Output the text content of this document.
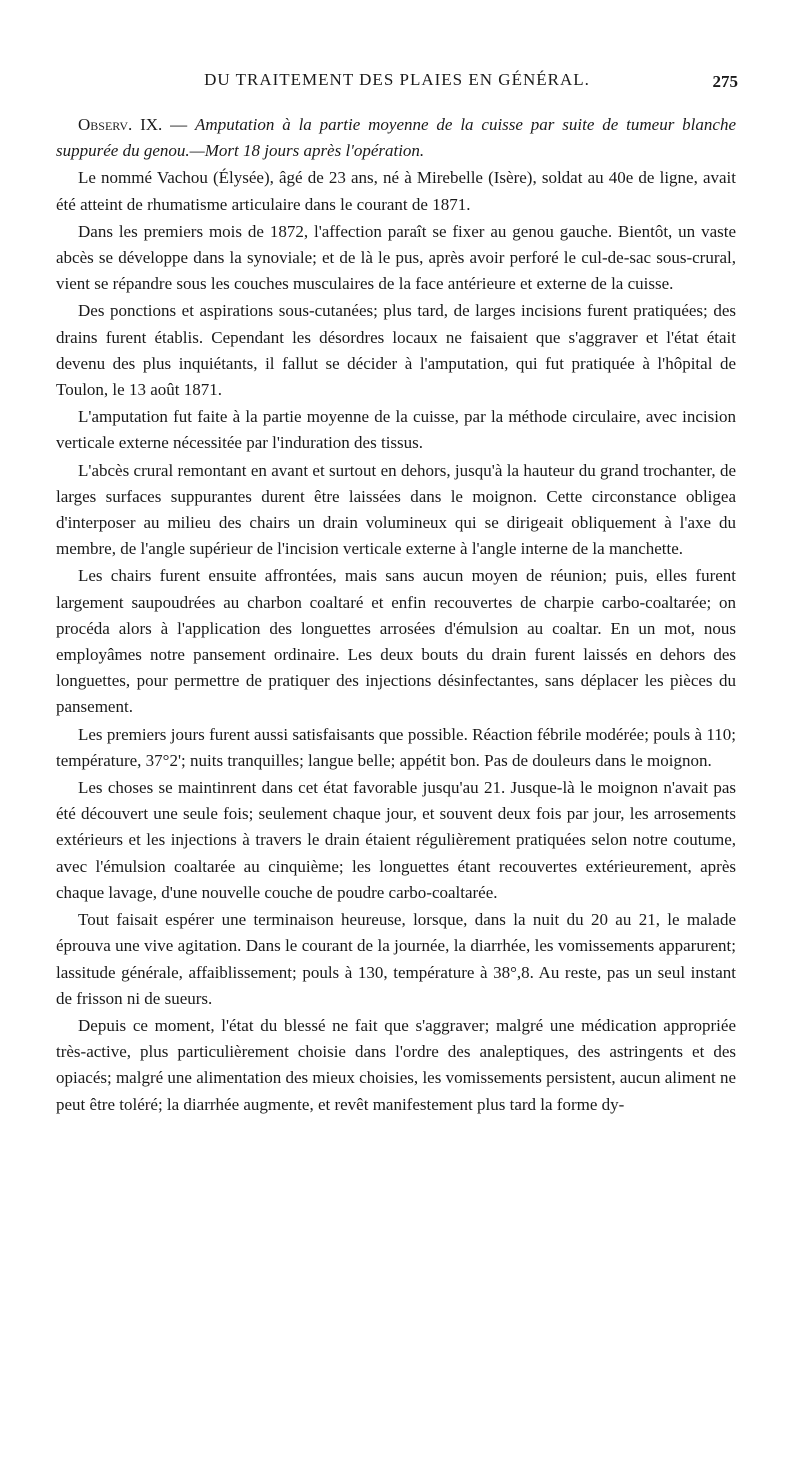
DU TRAITEMENT DES PLAIES EN GÉNÉRAL.	275

Observ. IX. — Amputation à la partie moyenne de la cuisse par suite de tumeur blanche suppurée du genou.—Mort 18 jours après l'opération.

Le nommé Vachou (Élysée), âgé de 23 ans, né à Mirebelle (Isère), soldat au 40e de ligne, avait été atteint de rhumatisme articulaire dans le courant de 1871.

Dans les premiers mois de 1872, l'affection paraît se fixer au genou gauche. Bientôt, un vaste abcès se développe dans la synoviale; et de là le pus, après avoir perforé le cul-de-sac sous-crural, vient se répandre sous les couches musculaires de la face antérieure et externe de la cuisse.

Des ponctions et aspirations sous-cutanées; plus tard, de larges incisions furent pratiquées; des drains furent établis. Cependant les désordres locaux ne faisaient que s'aggraver et l'état était devenu des plus inquiétants, il fallut se décider à l'amputation, qui fut pratiquée à l'hôpital de Toulon, le 13 août 1871.

L'amputation fut faite à la partie moyenne de la cuisse, par la méthode circulaire, avec incision verticale externe nécessitée par l'induration des tissus.

L'abcès crural remontant en avant et surtout en dehors, jusqu'à la hauteur du grand trochanter, de larges surfaces suppurantes durent être laissées dans le moignon. Cette circonstance obligea d'interposer au milieu des chairs un drain volumineux qui se dirigeait obliquement à l'axe du membre, de l'angle supérieur de l'incision verticale externe à l'angle interne de la manchette.

Les chairs furent ensuite affrontées, mais sans aucun moyen de réunion; puis, elles furent largement saupoudrées au charbon coaltaré et enfin recouvertes de charpie carbo-coaltarée; on procéda alors à l'application des longuettes arrosées d'émulsion au coaltar. En un mot, nous employâmes notre pansement ordinaire. Les deux bouts du drain furent laissés en dehors des longuettes, pour permettre de pratiquer des injections désinfectantes, sans déplacer les pièces du pansement.

Les premiers jours furent aussi satisfaisants que possible. Réaction fébrile modérée; pouls à 110; température, 37°2'; nuits tranquilles; langue belle; appétit bon. Pas de douleurs dans le moignon.

Les choses se maintinrent dans cet état favorable jusqu'au 21. Jusque-là le moignon n'avait pas été découvert une seule fois; seulement chaque jour, et souvent deux fois par jour, les arrosements extérieurs et les injections à travers le drain étaient régulièrement pratiquées selon notre coutume, avec l'émulsion coaltarée au cinquième; les longuettes étant recouvertes extérieurement, après chaque lavage, d'une nouvelle couche de poudre carbo-coaltarée.

Tout faisait espérer une terminaison heureuse, lorsque, dans la nuit du 20 au 21, le malade éprouva une vive agitation. Dans le courant de la journée, la diarrhée, les vomissements apparurent; lassitude générale, affaiblissement; pouls à 130, température à 38°,8. Au reste, pas un seul instant de frisson ni de sueurs.

Depuis ce moment, l'état du blessé ne fait que s'aggraver; malgré une médication appropriée très-active, plus particulièrement choisie dans l'ordre des analeptiques, des astringents et des opiacés; malgré une alimentation des mieux choisies, les vomissements persistent, aucun aliment ne peut être toléré; la diarrhée augmente, et revêt manifestement plus tard la forme dy-
